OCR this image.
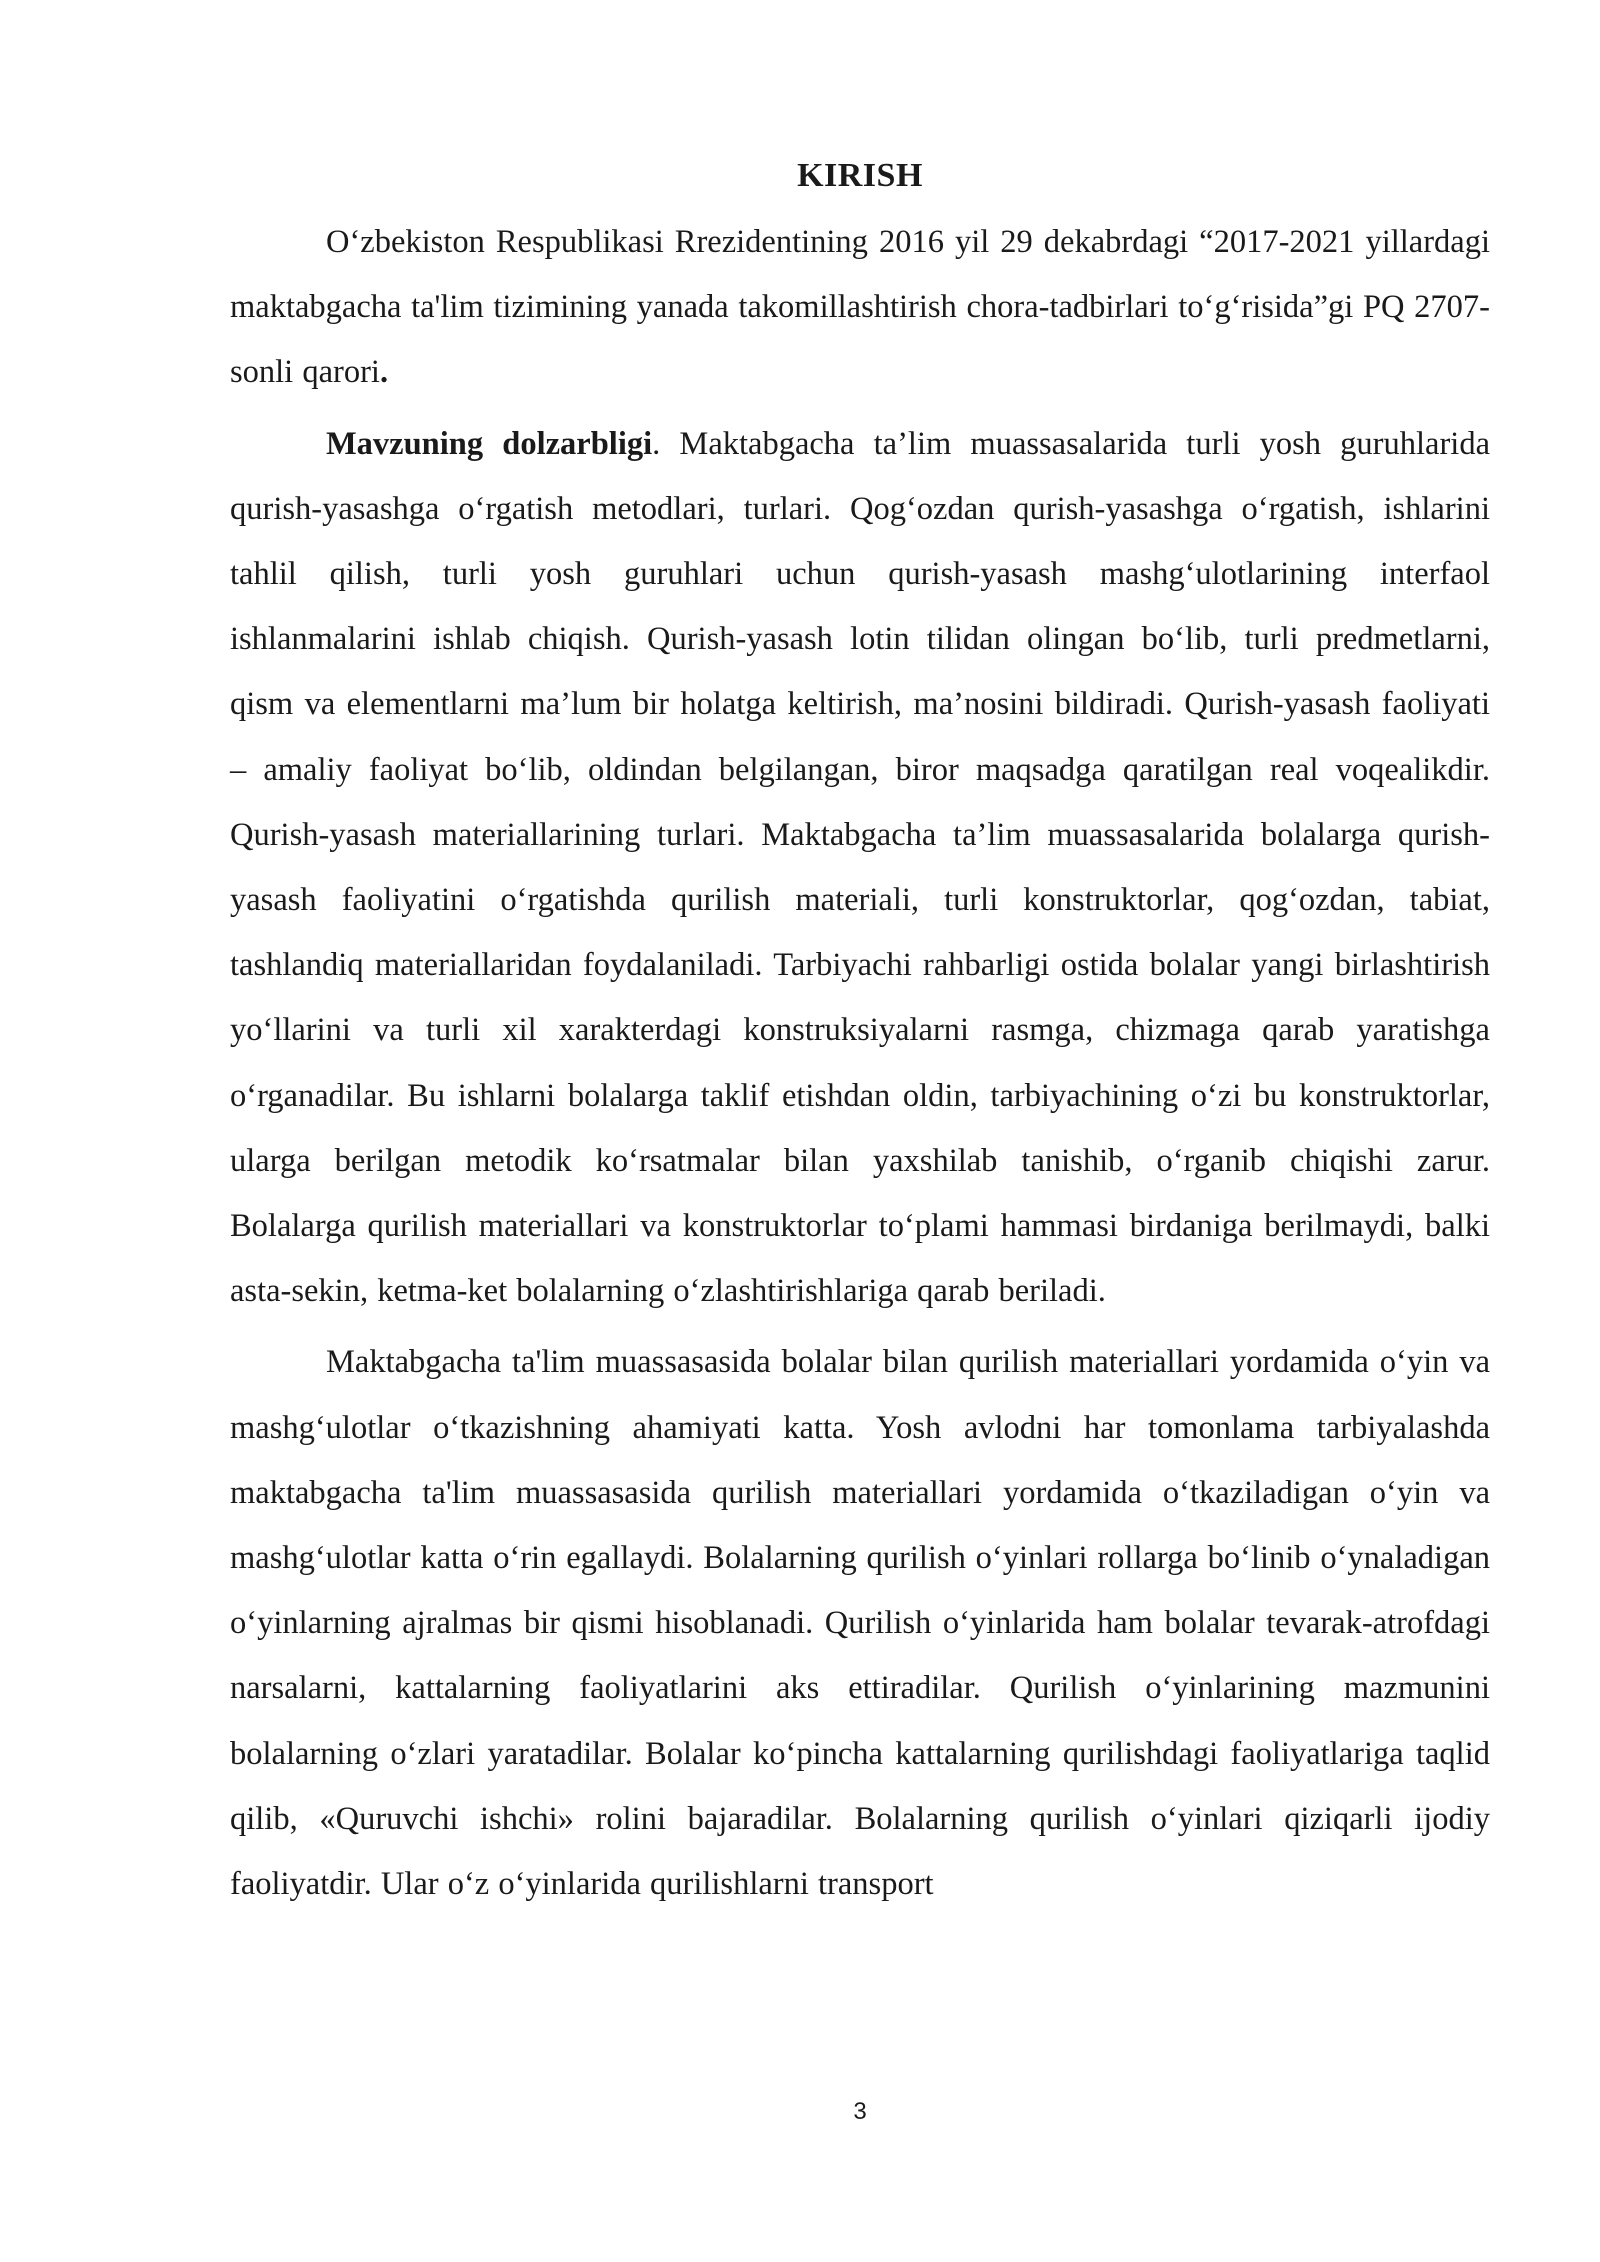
KIRISH

O‘zbekiston Respublikasi Rrezidentining 2016 yil 29 dekabrdagi “2017-2021 yillardagi maktabgacha ta'lim tizimining yanada takomillashtirish chora-tadbirlari to‘g‘risida”gi PQ 2707- sonli qarori.

Mavzuning dolzarbligi. Maktabgacha ta’lim muassasalarida turli yosh guruhlarida qurish-yasashga o‘rgatish metodlari, turlari. Qog‘ozdan qurish-yasashga o‘rgatish, ishlarini tahlil qilish, turli yosh guruhlari uchun qurish-yasash mashg‘ulotlarining interfaol ishlanmalarini ishlab chiqish. Qurish-yasash lotin tilidan olingan bo‘lib, turli predmetlarni, qism va elementlarni ma’lum bir holatga keltirish, ma’nosini bildiradi. Qurish-yasash faoliyati – amaliy faoliyat bo‘lib, oldindan belgilangan, biror maqsadga qaratilgan real voqealikdir. Qurish-yasash materiallarining turlari. Maktabgacha ta’lim muassasalarida bolalarga qurish-yasash faoliyatini o‘rgatishda qurilish materiali, turli konstruktorlar, qog‘ozdan, tabiat, tashlandiq materiallaridan foydalaniladi. Tarbiyachi rahbarligi ostida bolalar yangi birlashtirish yo‘llarini va turli xil xarakterdagi konstruksiyalarni rasmga, chizmaga qarab yaratishga o‘rganadilar. Bu ishlarni bolalarga taklif etishdan oldin, tarbiyachining o‘zi bu konstruktorlar, ularga berilgan metodik ko‘rsatmalar bilan yaxshilab tanishib, o‘rganib chiqishi zarur. Bolalarga qurilish materiallari va konstruktorlar to‘plami hammasi birdaniga berilmaydi, balki asta-sekin, ketma-ket bolalarning o‘zlashtirishlariga qarab beriladi.

Maktabgacha ta'lim muassasasida bolalar bilan qurilish materiallari yordamida o‘yin va mashg‘ulotlar o‘tkazishning ahamiyati katta. Yosh avlodni har tomonlama tarbiyalashda maktabgacha ta'lim muassasasida qurilish materiallari yordamida o‘tkaziladigan o‘yin va mashg‘ulotlar katta o‘rin egallaydi. Bolalarning qurilish o‘yinlari rollarga bo‘linib o‘ynaladigan o‘yinlarning ajralmas bir qismi hisoblanadi. Qurilish o‘yinlarida ham bolalar tevarak-atrofdagi narsalarni, kattalarning faoliyatlarini aks ettiradilar. Qurilish o‘yinlarining mazmunini bolalarning o‘zlari yaratadilar. Bolalar ko‘pincha kattalarning qurilishdagi faoliyatlariga taqlid qilib, «Quruvchi ishchi» rolini bajaradilar. Bolalarning qurilish o‘yinlari qiziqarli ijodiy faoliyatdir. Ular o‘z o‘yinlarida qurilishlarni transport

3
